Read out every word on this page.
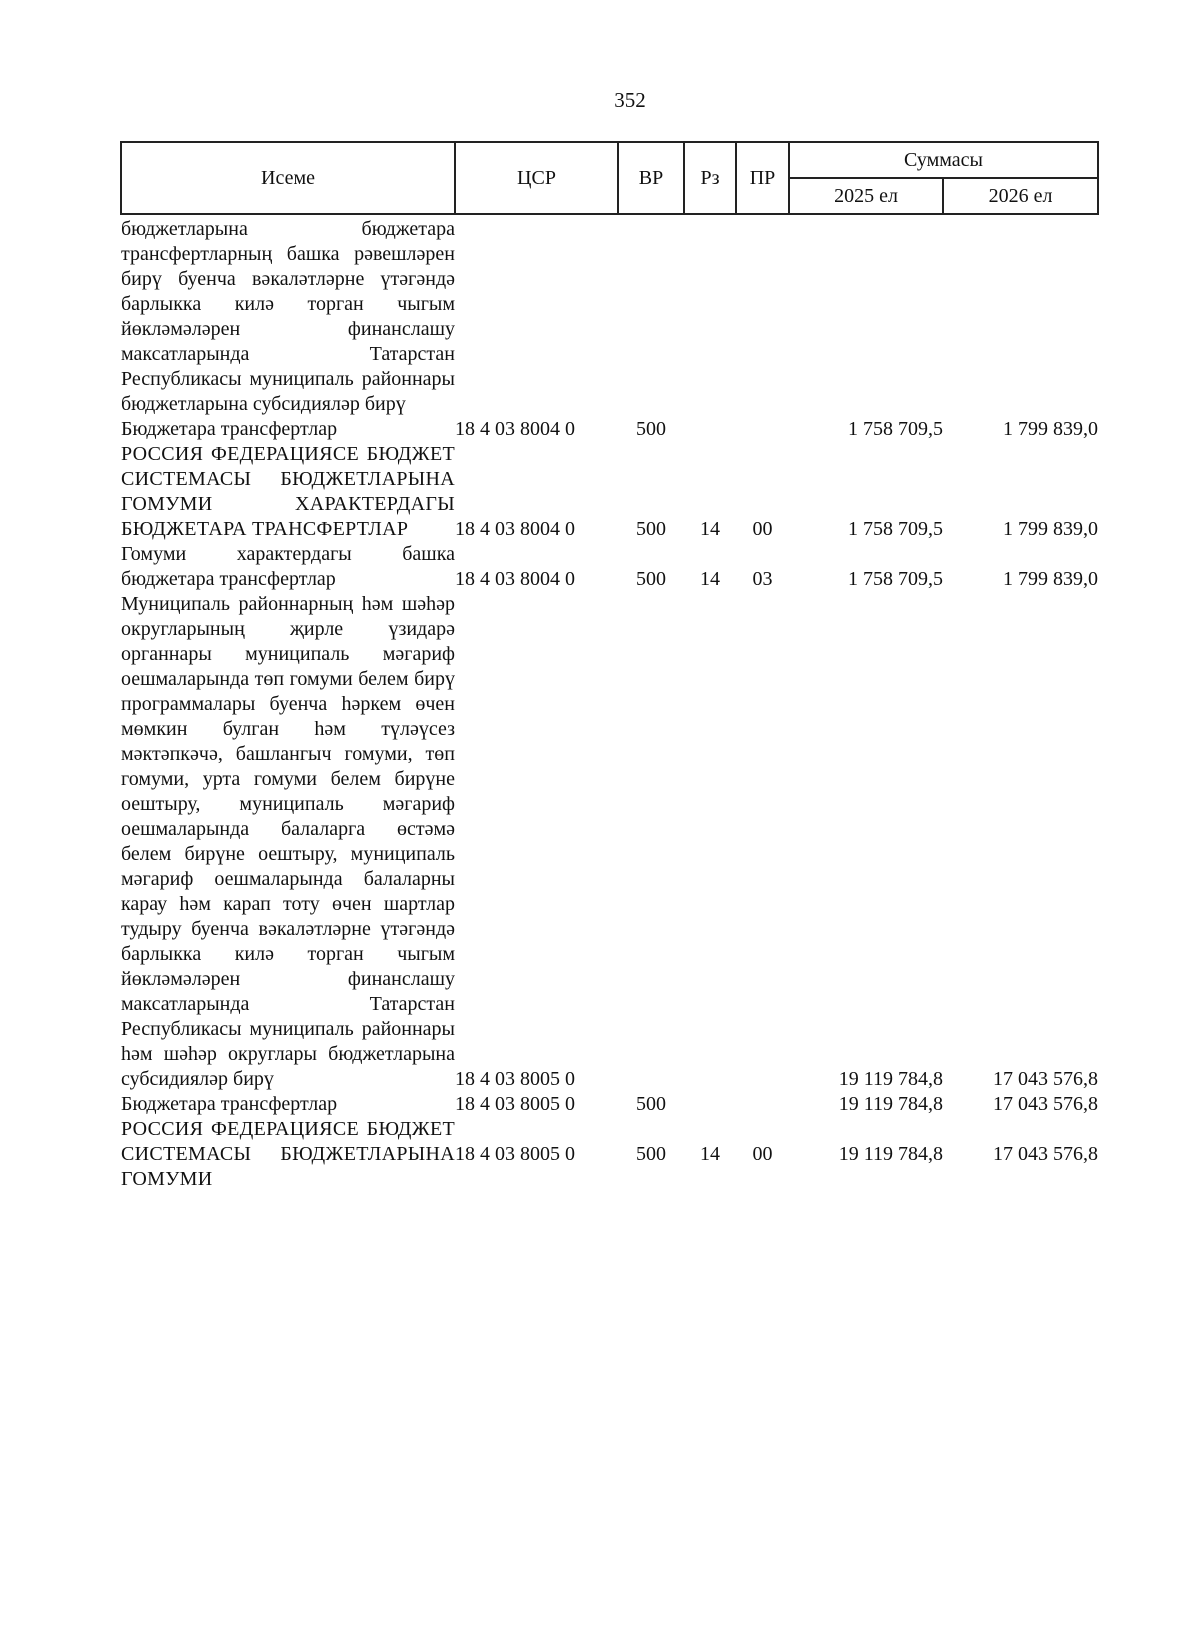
352
Исеме	ЦСР	ВР	Рз	ПР	Суммасы	
					2025 ел	2026 ел

бюджетларына бюджетара трансфертларның башка рәвешләрен бирү буенча вәкаләтләрне үтәгәндә барлыкка килә торган чыгым йөкләмәләрен финанслашу максатларында Татарстан Республикасы муниципаль районнары бюджетларына субсидияләр бирү						

Бюджетара трансфертлар	18 4 03 8004 0	500			1 758 709,5	1 799 839,0

РОССИЯ ФЕДЕРАЦИЯСЕ БЮДЖЕТ СИСТЕМАСЫ БЮДЖЕТЛАРЫНА ГОМУМИ ХАРАКТЕРДАГЫ БЮДЖЕТАРА ТРАНСФЕРТЛАР	18 4 03 8004 0	500	14	00	1 758 709,5	1 799 839,0

Гомуми характердагы башка бюджетара трансфертлар	18 4 03 8004 0	500	14	03	1 758 709,5	1 799 839,0

Муниципаль районнарның һәм шәһәр округларының җирле үзидарә органнары муниципаль мәгариф оешмаларында төп гомуми белем бирү программалары буенча һәркем өчен мөмкин булган һәм түләүсез мәктәпкәчә, башлангыч гомуми, төп гомуми, урта гомуми белем бирүне оештыру, муниципаль мәгариф оешмаларында балаларга өстәмә белем бирүне оештыру, муниципаль мәгариф оешмаларында балаларны карау һәм карап тоту өчен шартлар тудыру буенча вәкаләтләрне үтәгәндә барлыкка килә торган чыгым йөкләмәләрен финанслашу максатларында Татарстан Республикасы муниципаль районнары һәм шәһәр округлары бюджетларына субсидияләр бирү	18 4 03 8005 0				19 119 784,8	17 043 576,8

Бюджетара трансфертлар	18 4 03 8005 0	500			19 119 784,8	17 043 576,8

РОССИЯ ФЕДЕРАЦИЯСЕ БЮДЖЕТ СИСТЕМАСЫ БЮДЖЕТЛАРЫНА ГОМУМИ	18 4 03 8005 0	500	14	00	19 119 784,8	17 043 576,8
